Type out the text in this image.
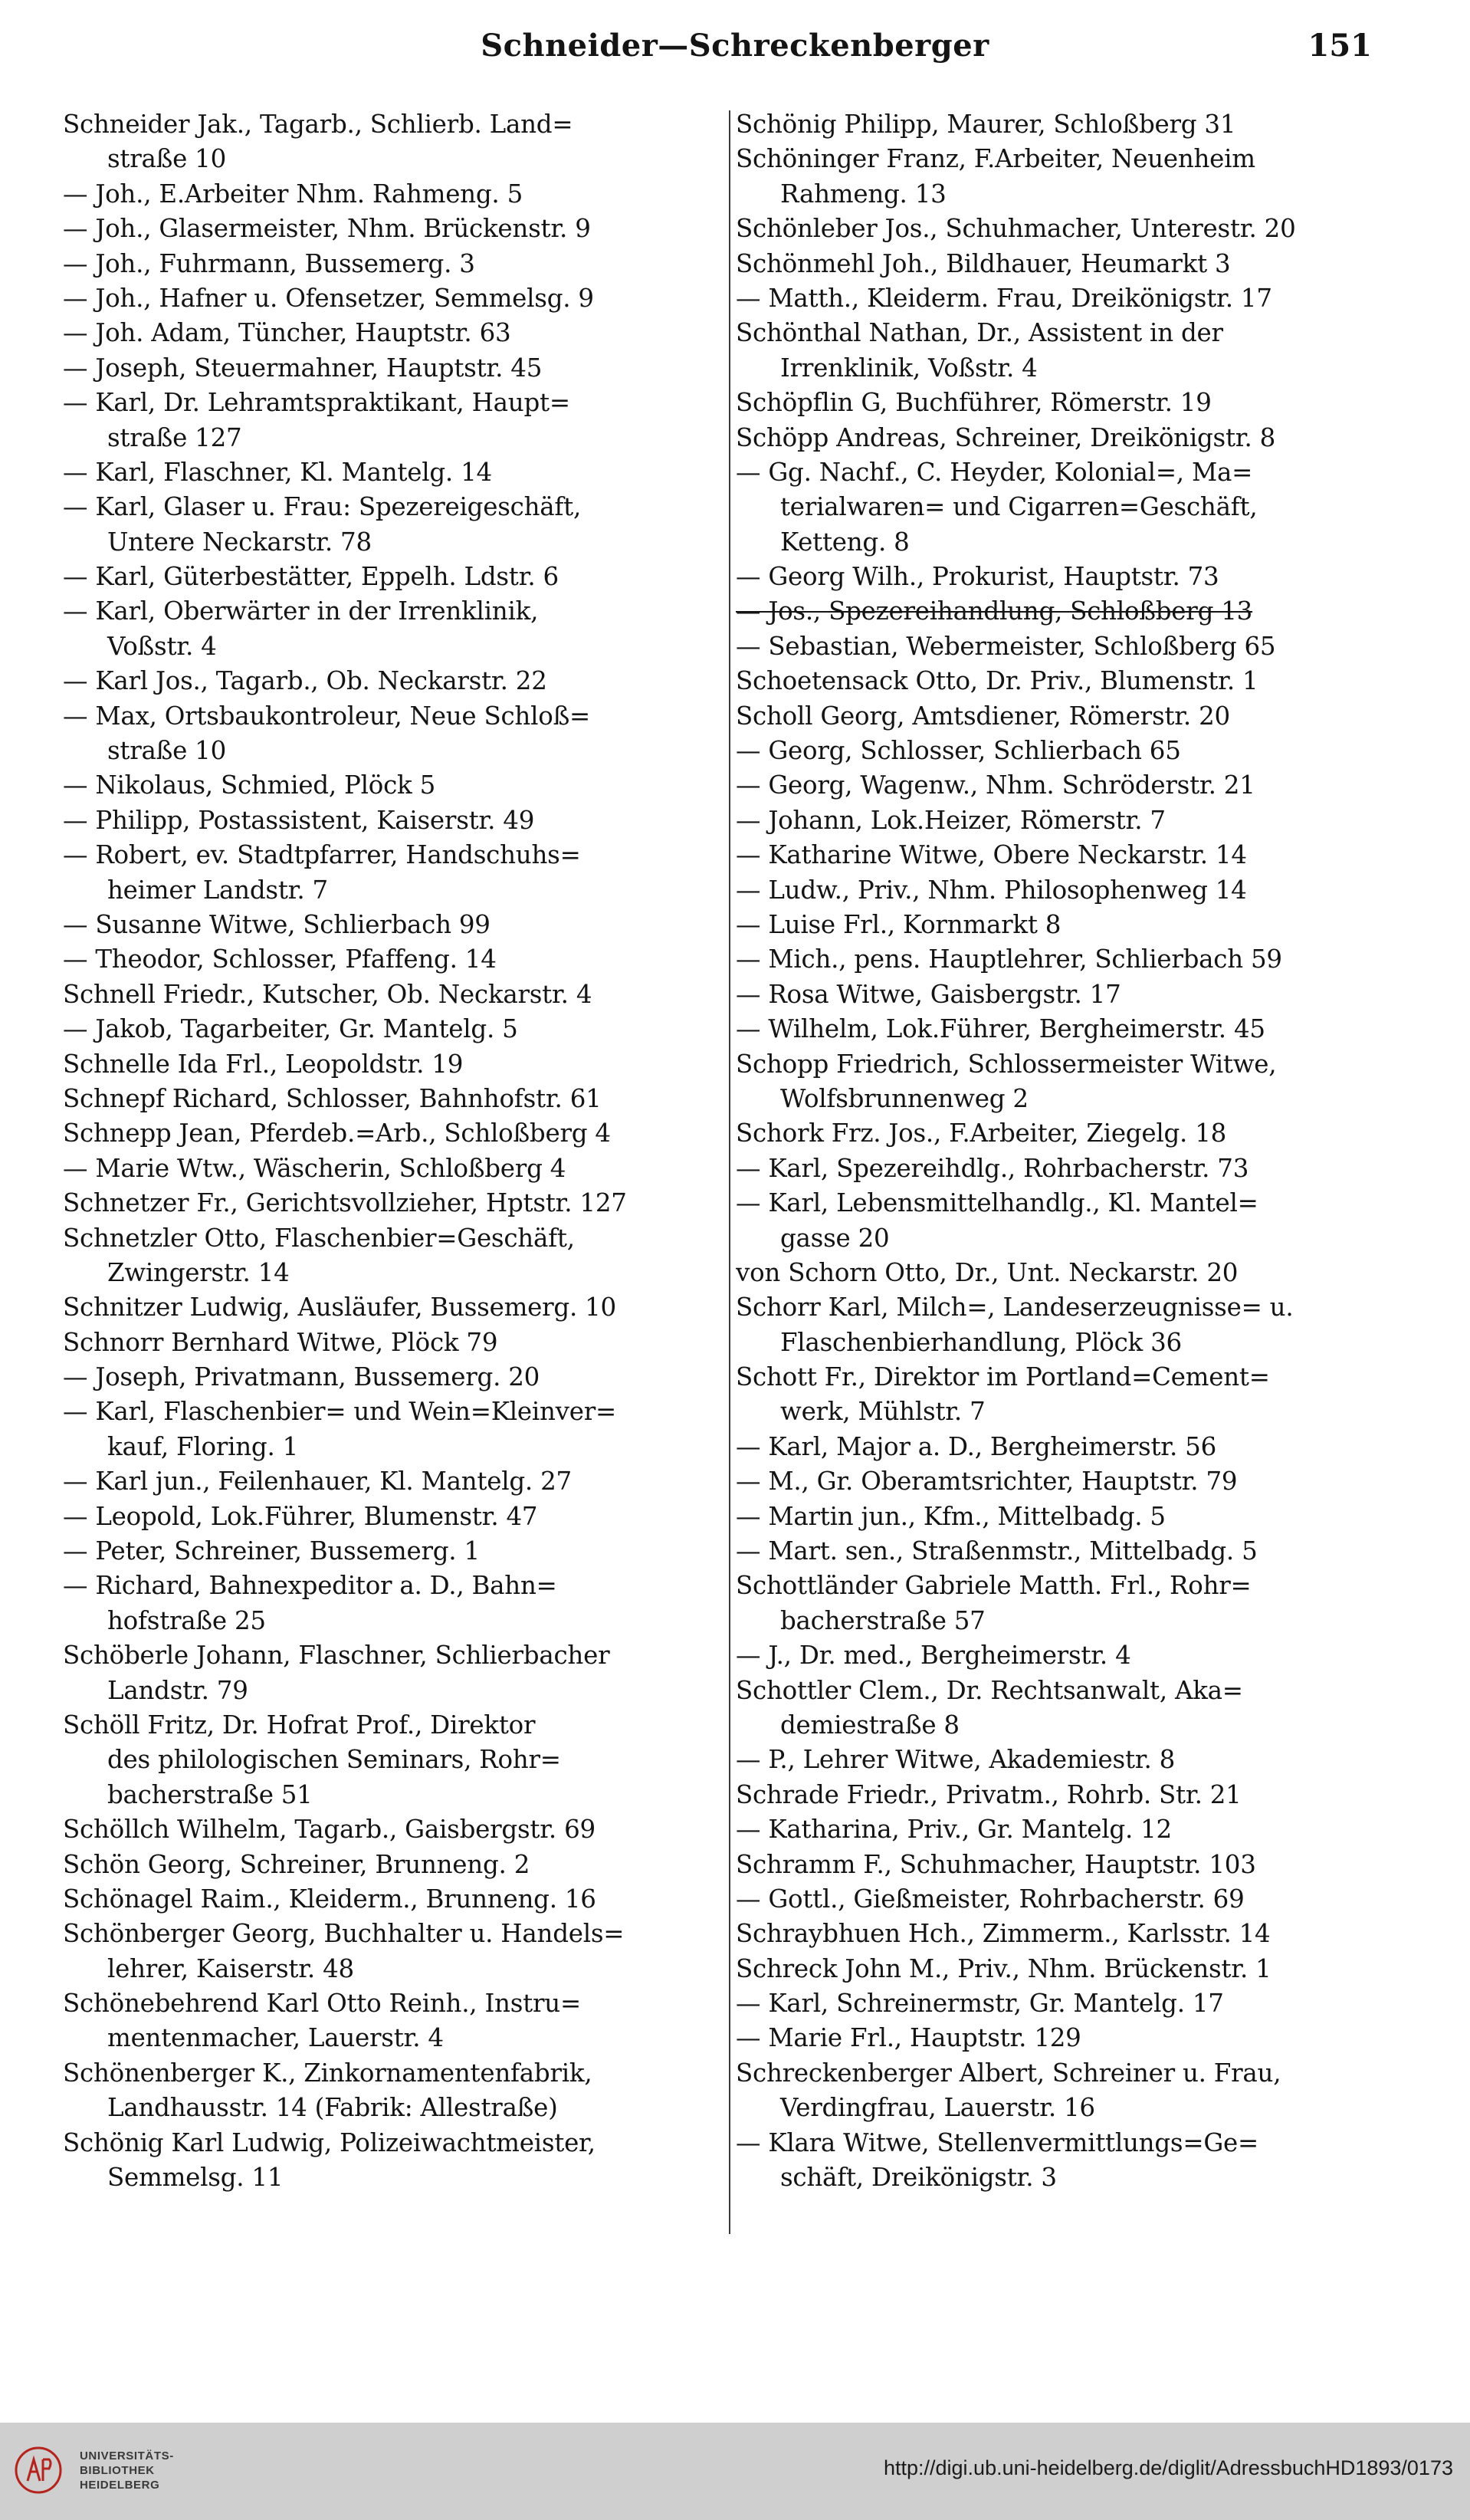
Schneider—Schreckenberger	151
Schneider Jak., Tagarb., Schlierb. Land=
straße 10
— Joh., E.Arbeiter Nhm. Rahmeng. 5
— Joh., Glasermeister, Nhm. Brückenstr. 9
— Joh., Fuhrmann, Bussemerg. 3
— Joh., Hafner u. Ofensetzer, Semmelsg. 9
— Joh. Adam, Tüncher, Hauptstr. 63
— Joseph, Steuermahner, Hauptstr. 45
— Karl, Dr. Lehramtspraktikant, Haupt=
straße 127
— Karl, Flaschner, Kl. Mantelg. 14
— Karl, Glaser u. Frau: Spezereigeschäft,
Untere Neckarstr. 78
— Karl, Güterbestätter, Eppelh. Ldstr. 6
— Karl, Oberwärter in der Irrenklinik,
Voßstr. 4
— Karl Jos., Tagarb., Ob. Neckarstr. 22
— Max, Ortsbaukontroleur, Neue Schloß=
straße 10
— Nikolaus, Schmied, Plöck 5
— Philipp, Postassistent, Kaiserstr. 49
— Robert, ev. Stadtpfarrer, Handschuhs=
heimer Landstr. 7
— Susanne Witwe, Schlierbach 99
— Theodor, Schlosser, Pfaffeng. 14
Schnell Friedr., Kutscher, Ob. Neckarstr. 4
— Jakob, Tagarbeiter, Gr. Mantelg. 5
Schnelle Ida Frl., Leopoldstr. 19
Schnepf Richard, Schlosser, Bahnhofstr. 61
Schnepp Jean, Pferdeb.=Arb., Schloßberg 4
— Marie Wtw., Wäscherin, Schloßberg 4
Schnetzer Fr., Gerichtsvollzieher, Hptstr. 127
Schnetzler Otto, Flaschenbier=Geschäft,
Zwingerstr. 14
Schnitzer Ludwig, Ausläufer, Bussemerg. 10
Schnorr Bernhard Witwe, Plöck 79
— Joseph, Privatmann, Bussemerg. 20
— Karl, Flaschenbier= und Wein=Kleinver=
kauf, Floring. 1
— Karl jun., Feilenhauer, Kl. Mantelg. 27
— Leopold, Lok.Führer, Blumenstr. 47
— Peter, Schreiner, Bussemerg. 1
— Richard, Bahnexpeditor a. D., Bahn=
hofstraße 25
Schöberle Johann, Flaschner, Schlierbacher
Landstr. 79
Schöll Fritz, Dr. Hofrat Prof., Direktor
des philologischen Seminars, Rohr=
bacherstraße 51
Schöllch Wilhelm, Tagarb., Gaisbergstr. 69
Schön Georg, Schreiner, Brunneng. 2
Schönagel Raim., Kleiderm., Brunneng. 16
Schönberger Georg, Buchhalter u. Handels=
lehrer, Kaiserstr. 48
Schönebehrend Karl Otto Reinh., Instru=
mentenmacher, Lauerstr. 4
Schönenberger K., Zinkornamentenfabrik,
Landhausstr. 14 (Fabrik: Allestraße)
Schönig Karl Ludwig, Polizeiwachtmeister,
Semmelsg. 11
Schönig Philipp, Maurer, Schloßberg 31
Schöninger Franz, F.Arbeiter, Neuenheim
Rahmeng. 13
Schönleber Jos., Schuhmacher, Unterestr. 20
Schönmehl Joh., Bildhauer, Heumarkt 3
— Matth., Kleiderm. Frau, Dreikönigstr. 17
Schönthal Nathan, Dr., Assistent in der
Irrenklinik, Voßstr. 4
Schöpflin G, Buchführer, Römerstr. 19
Schöpp Andreas, Schreiner, Dreikönigstr. 8
— Gg. Nachf., C. Heyder, Kolonial=, Ma=
terialwaren= und Cigarren=Geschäft,
Ketteng. 8
— Georg Wilh., Prokurist, Hauptstr. 73
— Jos., Spezereihandlung, Schloßberg 13
— Sebastian, Webermeister, Schloßberg 65
Schoetensack Otto, Dr. Priv., Blumenstr. 1
Scholl Georg, Amtsdiener, Römerstr. 20
— Georg, Schlosser, Schlierbach 65
— Georg, Wagenw., Nhm. Schröderstr. 21
— Johann, Lok.Heizer, Römerstr. 7
— Katharine Witwe, Obere Neckarstr. 14
— Ludw., Priv., Nhm. Philosophenweg 14
— Luise Frl., Kornmarkt 8
— Mich., pens. Hauptlehrer, Schlierbach 59
— Rosa Witwe, Gaisbergstr. 17
— Wilhelm, Lok.Führer, Bergheimerstr. 45
Schopp Friedrich, Schlossermeister Witwe,
Wolfsbrunnenweg 2
Schork Frz. Jos., F.Arbeiter, Ziegelg. 18
— Karl, Spezereihdlg., Rohrbacherstr. 73
— Karl, Lebensmittelhandlg., Kl. Mantel=
gasse 20
von Schorn Otto, Dr., Unt. Neckarstr. 20
Schorr Karl, Milch=, Landeserzeugnisse= u.
Flaschenbierhandlung, Plöck 36
Schott Fr., Direktor im Portland=Cement=
werk, Mühlstr. 7
— Karl, Major a. D., Bergheimerstr. 56
— M., Gr. Oberamtsrichter, Hauptstr. 79
— Martin jun., Kfm., Mittelbadg. 5
— Mart. sen., Straßenmstr., Mittelbadg. 5
Schottländer Gabriele Matth. Frl., Rohr=
bacherstraße 57
— J., Dr. med., Bergheimerstr. 4
Schottler Clem., Dr. Rechtsanwalt, Aka=
demiestraße 8
— P., Lehrer Witwe, Akademiestr. 8
Schrade Friedr., Privatm., Rohrb. Str. 21
— Katharina, Priv., Gr. Mantelg. 12
Schramm F., Schuhmacher, Hauptstr. 103
— Gottl., Gießmeister, Rohrbacherstr. 69
Schraybhuen Hch., Zimmerm., Karlsstr. 14
Schreck John M., Priv., Nhm. Brückenstr. 1
— Karl, Schreinermstr, Gr. Mantelg. 17
— Marie Frl., Hauptstr. 129
Schreckenberger Albert, Schreiner u. Frau,
Verdingfrau, Lauerstr. 16
— Klara Witwe, Stellenvermittlungs=Ge=
schäft, Dreikönigstr. 3
UNIVERSITÄTS-
BIBLIOTHEK
HEIDELBERG
http://digi.ub.uni-heidelberg.de/diglit/AdressbuchHD1893/0173
